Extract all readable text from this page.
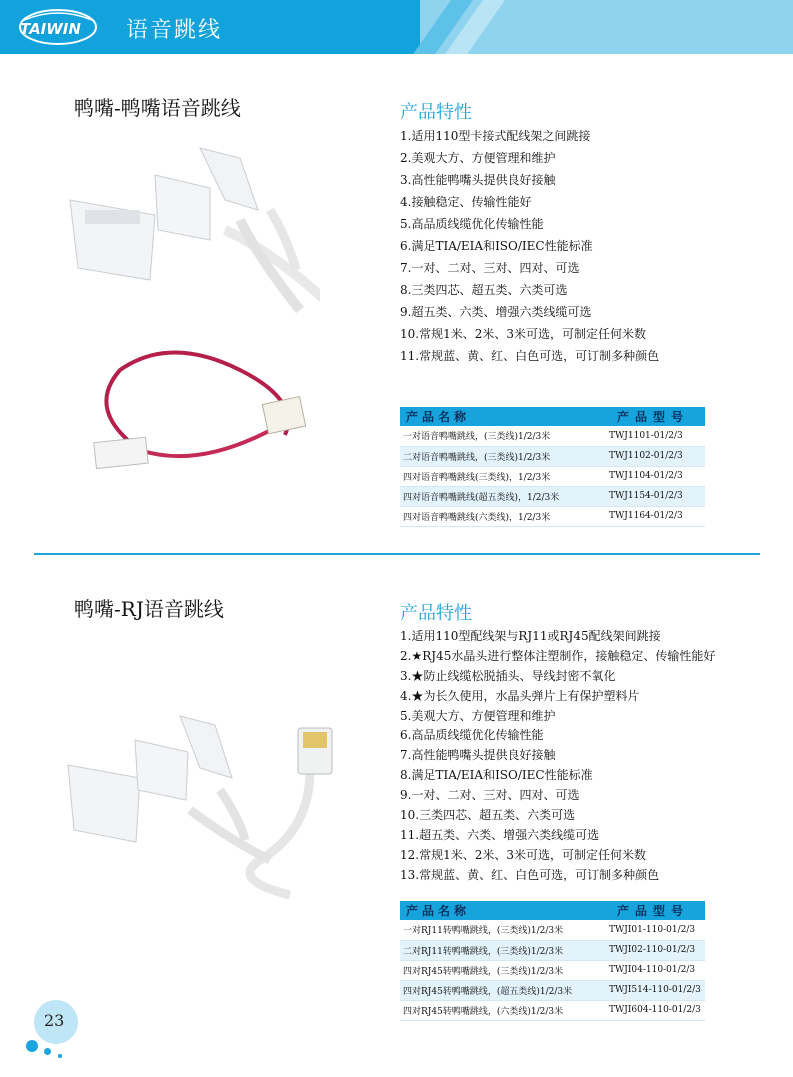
TAIWIN 语音跳线
鸭嘴-鸭嘴语音跳线	产品特性
1.适用110型卡接式配线架之间跳接
2.美观大方、方便管理和维护
3.高性能鸭嘴头提供良好接触
4.接触稳定、传输性能好
5.高品质线缆优化传输性能
6.满足TIA/EIA和ISO/IEC性能标准
7.一对、二对、三对、四对、可选
8.三类四芯、超五类、六类可选
9.超五类、六类、增强六类线缆可选
10.常规1米、2米、3米可选，可制定任何米数
11.常规蓝、黄、红、白色可选，可订制多种颜色
产品名称	产品型号
一对语音鸭嘴跳线，(三类线)1/2/3米	TWJ1101-01/2/3
二对语音鸭嘴跳线，(三类线)1/2/3米	TWJ1102-01/2/3
四对语音鸭嘴跳线(三类线)，1/2/3米	TWJ1104-01/2/3
四对语音鸭嘴跳线(超五类线)，1/2/3米	TWJ1154-01/2/3
四对语音鸭嘴跳线(六类线)，1/2/3米	TWJ1164-01/2/3
鸭嘴-RJ语音跳线	产品特性
1.适用110型配线架与RJ11或RJ45配线架间跳接
2.★RJ45水晶头进行整体注塑制作，接触稳定、传输性能好
3.★防止线缆松脱插头、导线封密不氧化
4.★为长久使用，水晶头弹片上有保护塑料片
5.美观大方、方便管理和维护
6.高品质线缆优化传输性能
7.高性能鸭嘴头提供良好接触
8.满足TIA/EIA和ISO/IEC性能标准
9.一对、二对、三对、四对、可选
10.三类四芯、超五类、六类可选
11.超五类、六类、增强六类线缆可选
12.常规1米、2米、3米可选，可制定任何米数
13.常规蓝、黄、红、白色可选，可订制多种颜色
产品名称	产品型号
一对RJ11转鸭嘴跳线，(三类线)1/2/3米	TWJI01-110-01/2/3
二对RJ11转鸭嘴跳线，(三类线)1/2/3米	TWJI02-110-01/2/3
四对RJ45转鸭嘴跳线，(三类线)1/2/3米	TWJI04-110-01/2/3
四对RJ45转鸭嘴跳线，(超五类线)1/2/3米	TWJI514-110-01/2/3
四对RJ45转鸭嘴跳线，(六类线)1/2/3米	TWJI604-110-01/2/3
23
